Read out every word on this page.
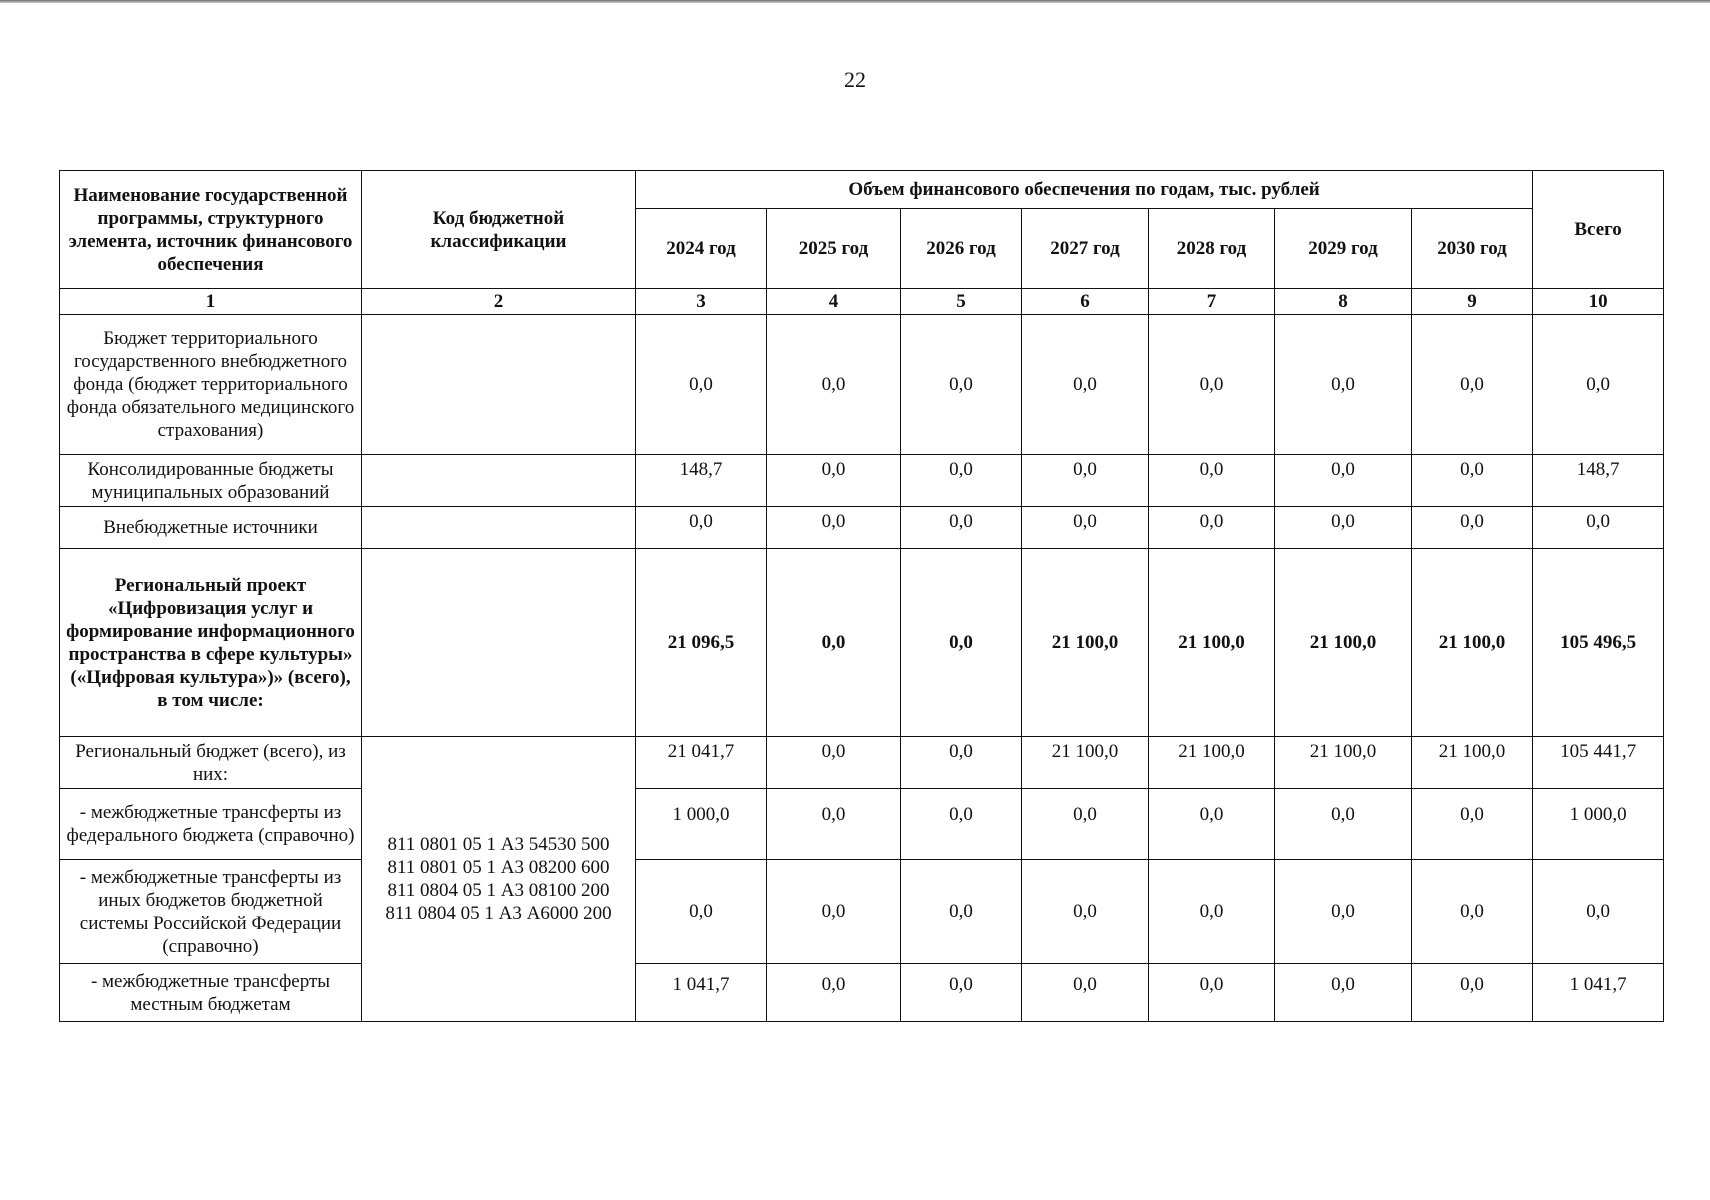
22
Наименование государственной программы, структурного элемента, источник финансового обеспечения	Код бюджетной классификации	Объем финансового обеспечения по годам, тыс. рублей							Всего
		2024 год	2025 год	2026 год	2027 год	2028 год	2029 год	2030 год	
1	2	3	4	5	6	7	8	9	10
Бюджет территориального государственного внебюджетного фонда (бюджет территориального фонда обязательного медицинского страхования)		0,0	0,0	0,0	0,0	0,0	0,0	0,0	0,0
Консолидированные бюджеты муниципальных образований		148,7	0,0	0,0	0,0	0,0	0,0	0,0	148,7
Внебюджетные источники		0,0	0,0	0,0	0,0	0,0	0,0	0,0	0,0
Региональный проект «Цифровизация услуг и формирование информационного пространства в сфере культуры» («Цифровая культура»)» (всего), в том числе:		21 096,5	0,0	0,0	21 100,0	21 100,0	21 100,0	21 100,0	105 496,5
Региональный бюджет (всего), из них:	811 0801 05 1 А3 54530 500
811 0801 05 1 А3 08200 600
811 0804 05 1 А3 08100 200
811 0804 05 1 А3 А6000 200	21 041,7	0,0	0,0	21 100,0	21 100,0	21 100,0	21 100,0	105 441,7
- межбюджетные трансферты из федерального бюджета (справочно)		1 000,0	0,0	0,0	0,0	0,0	0,0	0,0	1 000,0
- межбюджетные трансферты из иных бюджетов бюджетной системы Российской Федерации (справочно)		0,0	0,0	0,0	0,0	0,0	0,0	0,0	0,0
- межбюджетные трансферты местным бюджетам		1 041,7	0,0	0,0	0,0	0,0	0,0	0,0	1 041,7
